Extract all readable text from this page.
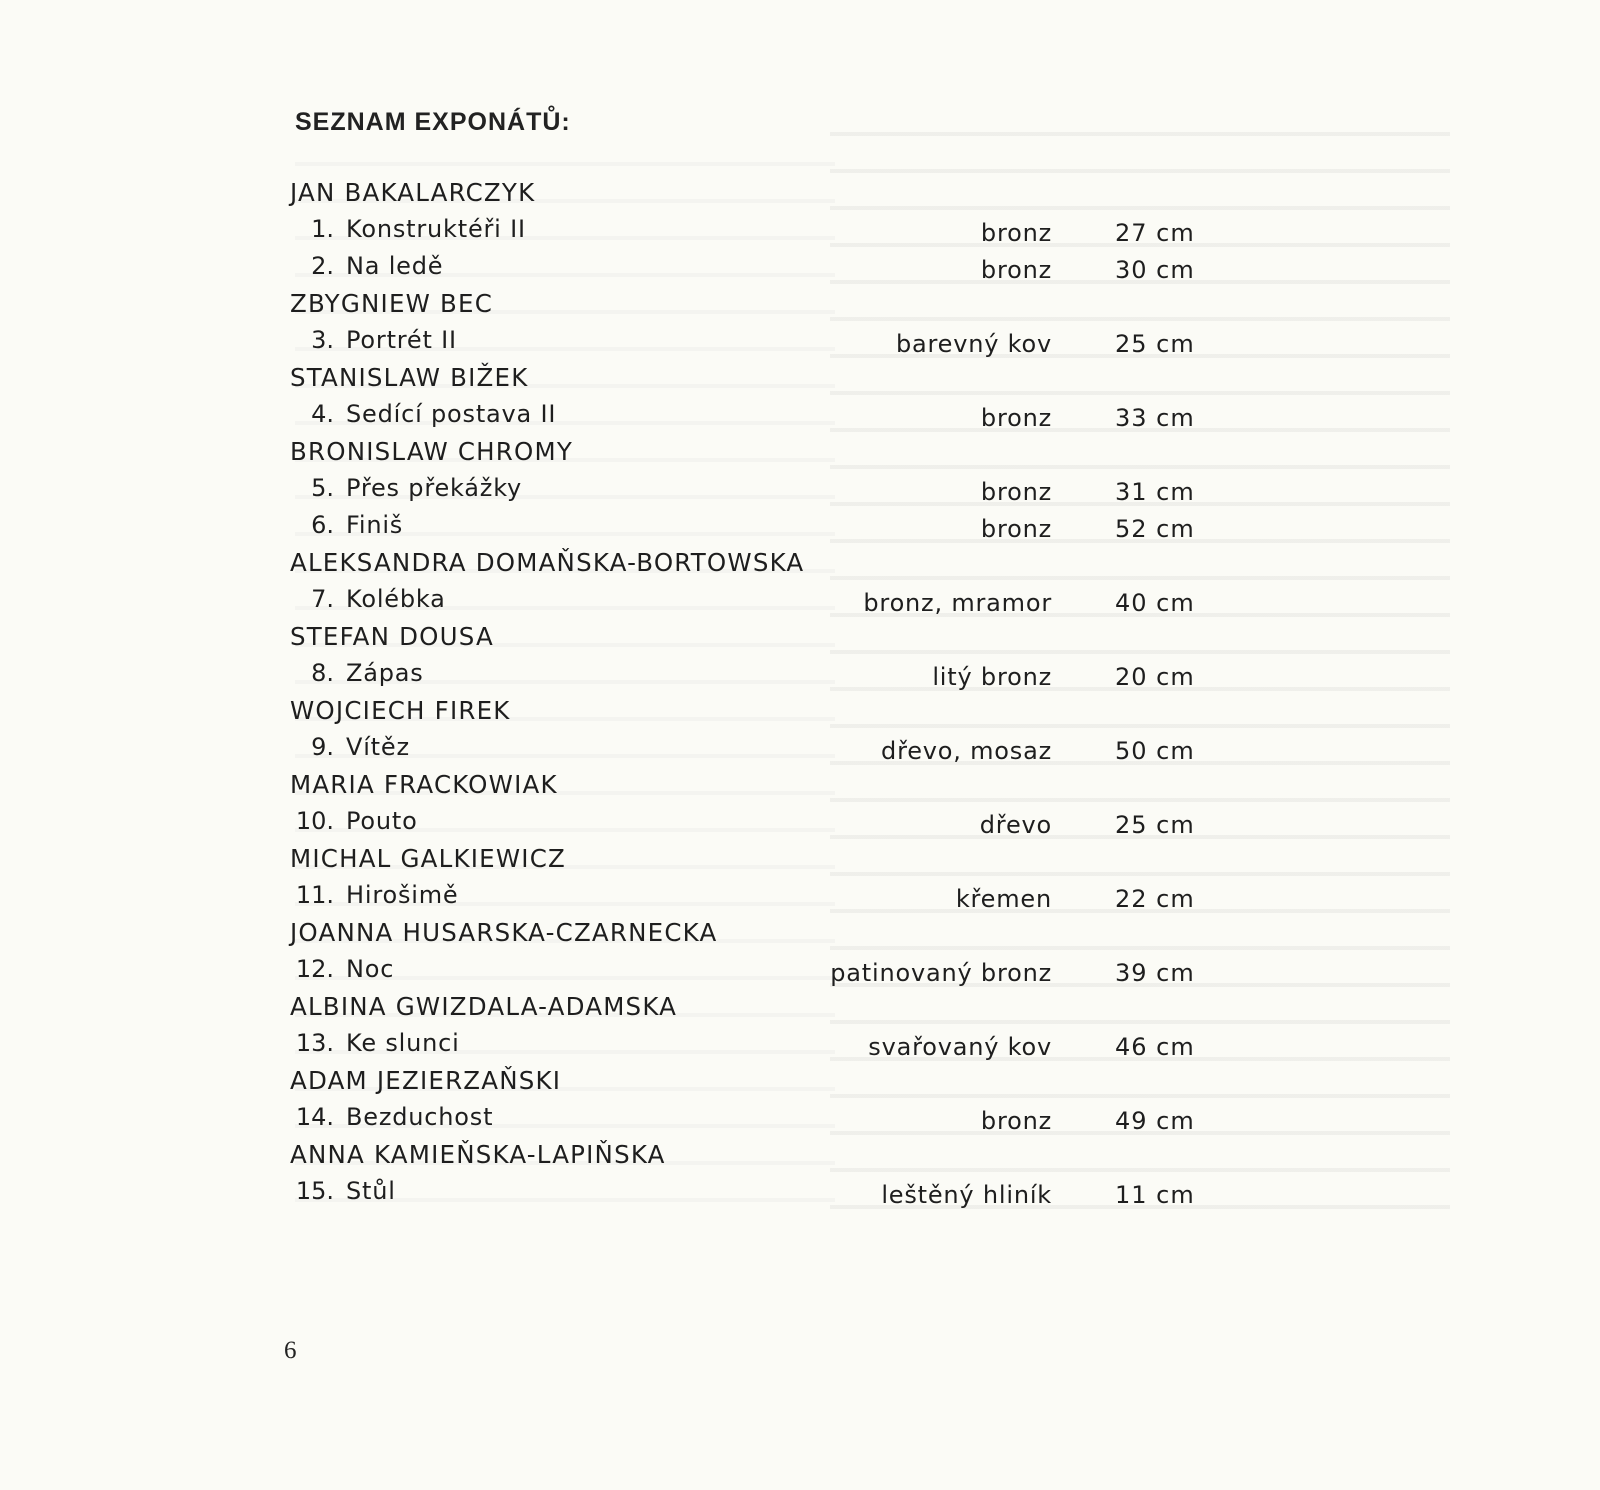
SEZNAM EXPONÁTŮ:
JAN BAKALARCZYK
1. Konstruktéři II	bronz	27 cm
2. Na ledě	bronz	30 cm
ZBYGNIEW BEC
3. Portrét II	barevný kov	25 cm
STANISLAW BIŽEK
4. Sedící postava II	bronz	33 cm
BRONISLAW CHROMY
5. Přes překážky	bronz	31 cm
6. Finiš	bronz	52 cm
ALEKSANDRA DOMAŇSKA-BORTOWSKA
7. Kolébka	bronz, mramor	40 cm
STEFAN DOUSA
8. Zápas	litý bronz	20 cm
WOJCIECH FIREK
9. Vítěz	dřevo, mosaz	50 cm
MARIA FRACKOWIAK
10. Pouto	dřevo	25 cm
MICHAL GALKIEWICZ
11. Hirošimě	křemen	22 cm
JOANNA HUSARSKA-CZARNECKA
12. Noc	patinovaný bronz	39 cm
ALBINA GWIZDALA-ADAMSKA
13. Ke slunci	svařovaný kov	46 cm
ADAM JEZIERZAŇSKI
14. Bezduchost	bronz	49 cm
ANNA KAMIEŇSKA-LAPIŇSKA
15. Stůl	leštěný hliník	11 cm
6
